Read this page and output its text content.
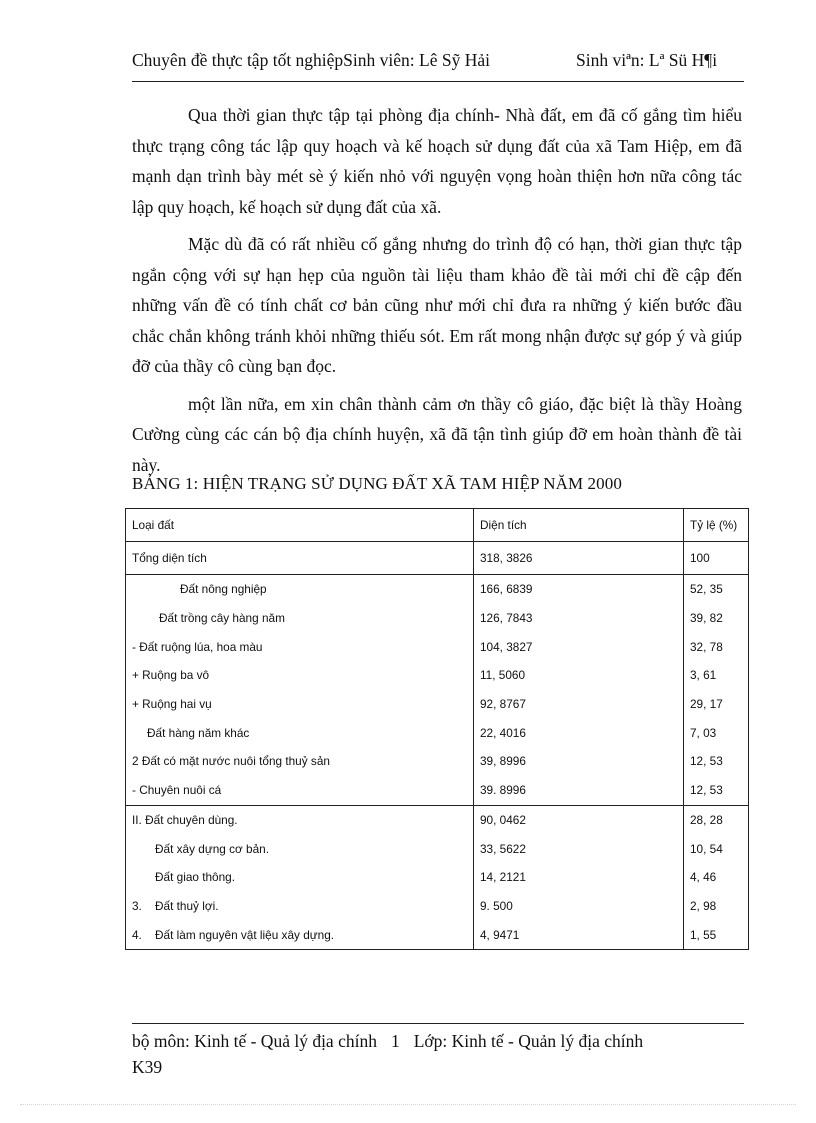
Chuyên đề thực tập tốt nghiệpSinh viên: Lê Sỹ Hải	Sinh viªn: Lª Sü H¶i

Qua thời gian thực tập tại phòng địa chính- Nhà đất, em đã cố gắng tìm hiểu thực trạng công tác lập quy hoạch và kế hoạch sử dụng đất của xã Tam Hiệp, em đã mạnh dạn trình bày mét sè ý kiến nhỏ với nguyện vọng hoàn thiện hơn nữa công tác lập quy hoạch, kế hoạch sử dụng đất của xã.

Mặc dù đã có rất nhiều cố gắng nhưng do trình độ có hạn, thời gian thực tập ngắn cộng với sự hạn hẹp của nguồn tài liệu tham khảo đề tài mới chỉ đề cập đến những vấn đề có tính chất cơ bản cũng như mới chỉ đưa ra những ý kiến bước đầu chắc chắn không tránh khỏi những thiếu sót. Em rất mong nhận được sự góp ý và giúp đỡ của thầy cô cùng bạn đọc.

một lần nữa, em xin chân thành cảm ơn thầy cô giáo, đặc biệt là thầy Hoàng Cường cùng các cán bộ địa chính huyện, xã đã tận tình giúp đỡ em hoàn thành đề tài này.

BẢNG 1: HIỆN TRẠNG SỬ DỤNG ĐẤT XÃ TAM HIỆP NĂM 2000
Loại đất	Diện tích	Tỷ lệ (%)
Tổng diện tích	318, 3826	100
Đất nông nghiệp	166, 6839	52, 35
Đất trồng cây hàng năm	126, 7843	39, 82
- Đất ruộng lúa, hoa màu	104, 3827	32, 78
+ Ruộng ba vô	11, 5060	3, 61
+ Ruộng hai vụ	92, 8767	29, 17
Đất hàng năm khác	22, 4016	7, 03
2 Đất có mặt nước nuôi tổng thuỷ sản	39, 8996	12, 53
- Chuyên nuôi cá	39. 8996	12, 53
II. Đất chuyên dùng.	90, 0462	28, 28
Đất xây dựng cơ bản.	33, 5622	10, 54
Đất giao thông.	14, 2121	4, 46
3. Đất thuỷ lợi.	9. 500	2, 98
4. Đất làm nguyên vật liệu xây dựng.	4, 9471	1, 55
bộ môn: Kinh tế - Quả lý địa chính 1 Lớp: Kinh tế - Quản lý địa chính
K39
